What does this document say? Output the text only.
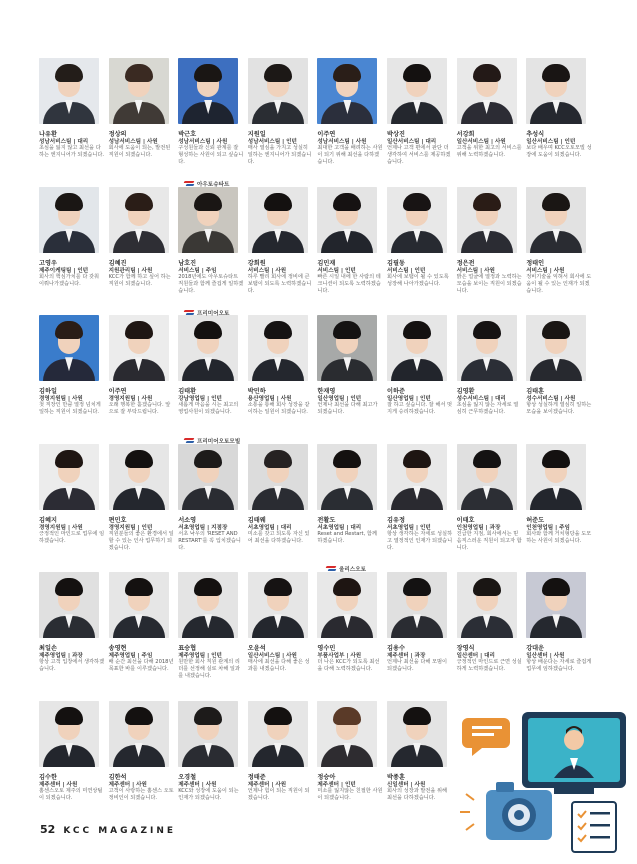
나유환
성남서비스팀 | 대리
초심을 잃지 않고 최선을 다하는 엔지니어가 되겠습니다.
정상의
성남서비스팀 | 사원
회사에 도움이 되는, 발전된 직원이 되겠습니다.
박근호
성남서비스팀 | 사원
구성원들과 신뢰 관계를 잘 형성하는 사원이 되고 싶습니다.
지원일
성남서비스팀 | 인턴
매사 열심을 가지고 성실히 일하는 엔지니어가 되겠습니다.
이주연
성남서비스팀 | 사원
최대한 고객을 배려하는 사원이 되기 위해 최선을 다하겠습니다.
박상진
일산서비스팀 | 대리
언제나 고객 편에서 판단 더 생각하여 서비스를 제공하겠습니다.
서강희
일산서비스팀 | 사원
고객을 위한 최고의 서비스를 위해 노력하겠습니다.
추성식
일산서비스팀 | 인턴
보다 배우며 KCC오토모빌 성장에 도움이 되겠습니다.
고영우
제주이케팅팀 | 인턴
회사의 핵심가치를 다 갖춰 이뤄나가겠습니다.
김혜진
지원관리팀 | 사원
KCC가 함께 하고 싶어 하는 직원이 되겠습니다.
남호진
서비스팀 | 주임
2018년에도 아우토슈타트 직원들과 함께 즐겁게 일하겠습니다.
강희원
서비스팀 | 사원
하루 빨리 회사에 정비에 큰 보탬이 되도록 노력하겠습니다.
김민재
서비스팀 | 인턴
빠른 시일 내에 한 사람의 테크니션이 되도록 노력하겠습니다.
김필동
서비스팀 | 인턴
회사에 보탬이 될 수 있도록 성장해 나아가겠습니다.
정은전
서비스팀 | 사원
밝은 얼굴에 열정과 노력하는 모습을 보이는 직원이 되겠습니다.
정태인
서비스팀 | 사원
정비기술을 익혀서 회사에 도움이 될 수 있는 인재가 되겠습니다.
김하일
경영지원팀 | 사원
첫 직장인 만큼 열정 넘치게 일하는 직원이 되겠습니다.
이주연
경영지원팀 | 사원
오래 행복한 홀겠습니다. 앞으로 잘 부탁드립니다.
김태환
강남영업팀 | 인턴
새롭게 마음을 시는 최고의 영업사원이 되겠습니다.
박민하
용산영업팀 | 사원
소통을 통해 회사 성장을 같이하는 일원이 되겠습니다.
한재영
일산영업팀 | 인턴
언제나 최선을 다해 최고가 되겠습니다.
이하준
일산영업팀 | 인턴
잘 하고 싶습니다. 잘 해서 멋지게 승리하겠습니다.
김영환
성수서비스팀 | 대리
초심을 잃지 않는 자세로 열심히 근무하겠습니다.
김태훈
성수서비스팀 | 사원
항상 성실하게 열심히 일하는 모습을 보이겠습니다.
김혜지
경영지원팀 | 사원
긍정적인 마인드로 업무에 임하겠습니다.
편민호
경영지원팀 | 인턴
직원분들의 좋은 환경에서 일할 수 있는 인사 업무하기 되겠습니다.
서소영
서초영업팀 | 지점장
서초 낙우의 'RESET AND RESTART'를 꼭 입치겠습니다.
김태웨
서초영업팀 | 대리
미소를 갖고 되도록 자신 있어 최선을 다하겠습니다.
전활도
서초영업팀 | 대리
Reset and Restart, 함께 하겠습니다.
김유정
서초영업팀 | 인턴
항상 생각하는 자세로 성실하고 열정적인 인재가 되겠습니다.
이태호
인천영업팀 | 과장
진급한 지점, 회사에서는 믿음직스러운 직원이 되고자 합니다.
허준도
인천영업팀 | 주임
회사와 함께 거치형당을 도모하는 사원이 되겠습니다.
최일손
제주영업팀 | 과장
항상 고객 입장에서 생각하겠습니다.
송영현
제주영업팀 | 주임
배 순간 최선을 다해 2018년 목표한 바를 이루겠습니다.
표승협
제주영업팀 | 인턴
원만한 회사 직원 관계의 리더를 선정해 실로 차해 일과를 내겠습니다.
오윤석
일산서비스팀 | 사원
매사에 최선을 다해 좋은 성과를 내겠습니다.
영수민
부품사업부 | 사원
더 나은 KCC가 되도록 최선을 다해 노력하겠습니다.
김용수
제주센터 | 과장
언제나 최선을 다해 모범이 되겠습니다.
장영식
일산센터 | 대리
긍정적인 마인드로 근면 성실하게 노력하겠습니다.
강대운
일산센터 | 사원
항상 배운다는 자세로 즐겁게 업무에 임하겠습니다.
김수한
제주센터 | 사원
홈센스오토 제주의 미연상틸이 되겠습니다.
김한석
제주센터 | 사원
고객이 사랑하는 홈센스 오토 정비인이 되겠습니다.
오경철
제주센터 | 사원
KCC와 성장에 도움이 되는 인재가 되겠습니다.
정태준
제주센터 | 사원
언제나 힘이 되는 직원이 되겠습니다.
정승아
제주센터 | 인턴
미소를 잃지않는 친절한 사원이 되겠습니다.
박종훈
신일센터 | 사원
회사의 성장과 발전을 위해 최선을 다하겠습니다.
아우토슈타트
프리미어오토
프리미어오토모빌
울리스오토
52 KCC MAGAZINE
